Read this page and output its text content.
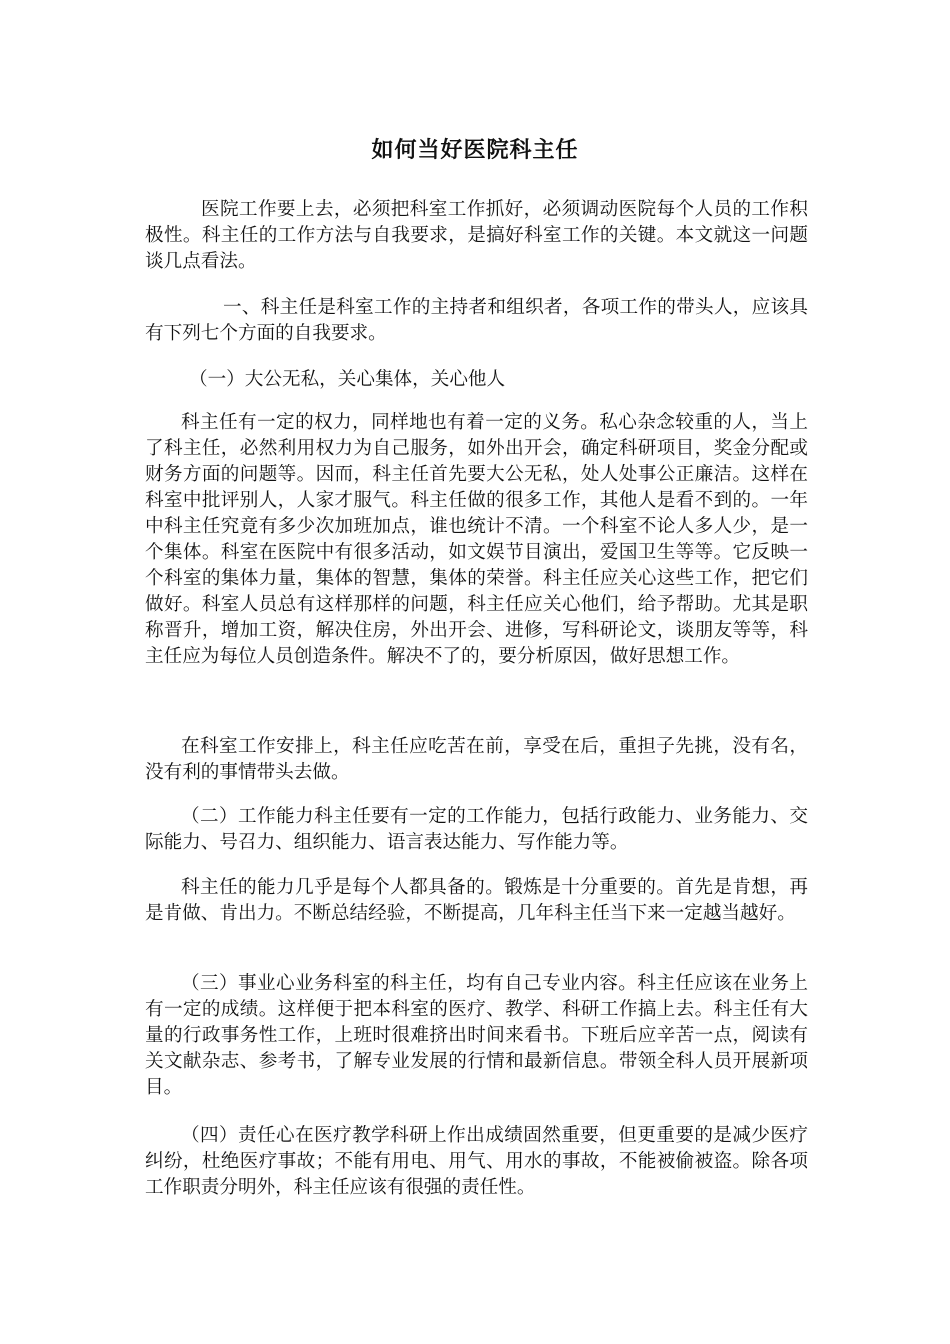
如何当好医院科主任

医院工作要上去，必须把科室工作抓好，必须调动医院每个人员的工作积极性。科主任的工作方法与自我要求，是搞好科室工作的关键。本文就这一问题谈几点看法。

一、科主任是科室工作的主持者和组织者，各项工作的带头人，应该具有下列七个方面的自我要求。

（一）大公无私，关心集体，关心他人

科主任有一定的权力，同样地也有着一定的义务。私心杂念较重的人，当上了科主任，必然利用权力为自己服务，如外出开会，确定科研项目，奖金分配或财务方面的问题等。因而，科主任首先要大公无私，处人处事公正廉洁。这样在科室中批评别人，人家才服气。科主任做的很多工作，其他人是看不到的。一年中科主任究竟有多少次加班加点，谁也统计不清。一个科室不论人多人少，是一个集体。科室在医院中有很多活动，如文娱节目演出，爱国卫生等等。它反映一个科室的集体力量，集体的智慧，集体的荣誉。科主任应关心这些工作，把它们做好。科室人员总有这样那样的问题，科主任应关心他们，给予帮助。尤其是职称晋升，增加工资，解决住房，外出开会、进修，写科研论文，谈朋友等等，科主任应为每位人员创造条件。解决不了的，要分析原因，做好思想工作。

在科室工作安排上，科主任应吃苦在前，享受在后，重担子先挑，没有名，没有利的事情带头去做。

（二）工作能力科主任要有一定的工作能力，包括行政能力、业务能力、交际能力、号召力、组织能力、语言表达能力、写作能力等。

科主任的能力几乎是每个人都具备的。锻炼是十分重要的。首先是肯想，再是肯做、肯出力。不断总结经验，不断提高，几年科主任当下来一定越当越好。

（三）事业心业务科室的科主任，均有自己专业内容。科主任应该在业务上有一定的成绩。这样便于把本科室的医疗、教学、科研工作搞上去。科主任有大量的行政事务性工作，上班时很难挤出时间来看书。下班后应辛苦一点，阅读有关文献杂志、参考书，了解专业发展的行情和最新信息。带领全科人员开展新项目。

（四）责任心在医疗教学科研上作出成绩固然重要，但更重要的是减少医疗纠纷，杜绝医疗事故；不能有用电、用气、用水的事故，不能被偷被盗。除各项工作职责分明外，科主任应该有很强的责任性。
